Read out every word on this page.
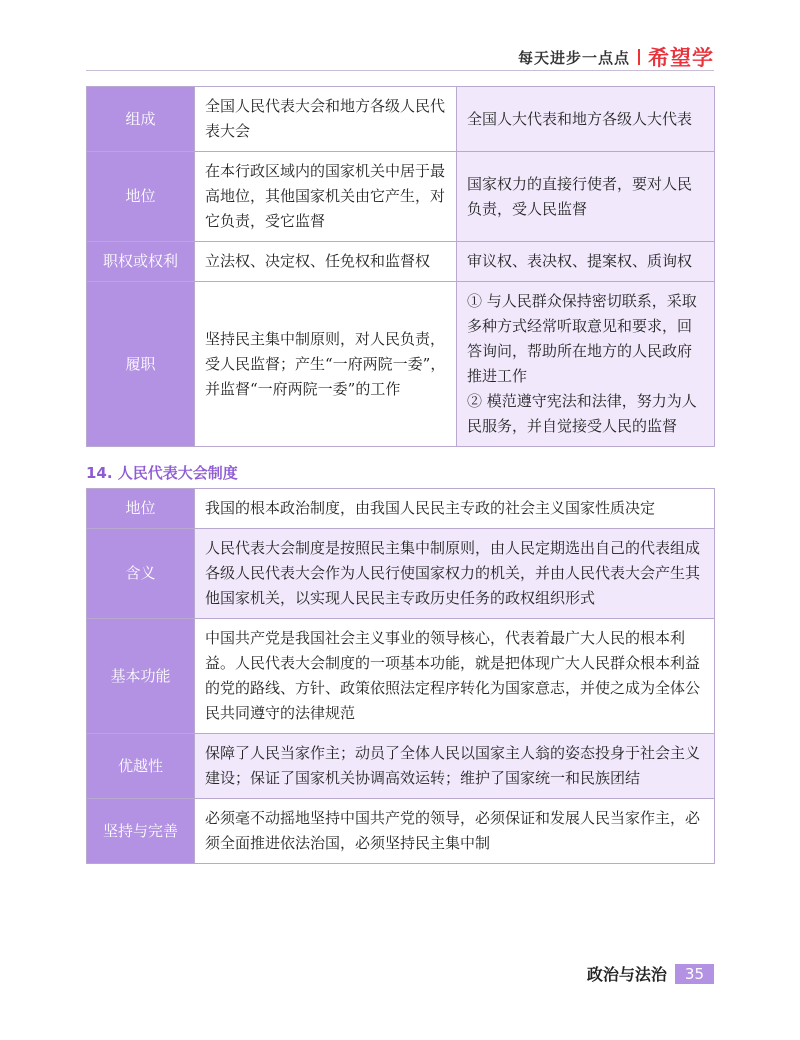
每天进步一点点 希望学
组成	全国人民代表大会和地方各级人民代表大会	全国人大代表和地方各级人大代表
地位	在本行政区域内的国家机关中居于最高地位，其他国家机关由它产生，对它负责，受它监督	国家权力的直接行使者，要对人民负责，受人民监督
职权或权利	立法权、决定权、任免权和监督权	审议权、表决权、提案权、质询权
履职	坚持民主集中制原则，对人民负责，受人民监督；产生“一府两院一委”，并监督“一府两院一委”的工作	① 与人民群众保持密切联系，采取多种方式经常听取意见和要求，回答询问，帮助所在地方的人民政府推进工作
② 模范遵守宪法和法律，努力为人民服务，并自觉接受人民的监督
14. 人民代表大会制度
地位	我国的根本政治制度，由我国人民民主专政的社会主义国家性质决定
含义	人民代表大会制度是按照民主集中制原则，由人民定期选出自己的代表组成各级人民代表大会作为人民行使国家权力的机关，并由人民代表大会产生其他国家机关，以实现人民民主专政历史任务的政权组织形式
基本功能	中国共产党是我国社会主义事业的领导核心，代表着最广大人民的根本利益。人民代表大会制度的一项基本功能，就是把体现广大人民群众根本利益的党的路线、方针、政策依照法定程序转化为国家意志，并使之成为全体公民共同遵守的法律规范
优越性	保障了人民当家作主；动员了全体人民以国家主人翁的姿态投身于社会主义建设；保证了国家机关协调高效运转；维护了国家统一和民族团结
坚持与完善	必须毫不动摇地坚持中国共产党的领导，必须保证和发展人民当家作主，必须全面推进依法治国，必须坚持民主集中制
政治与法治	35
